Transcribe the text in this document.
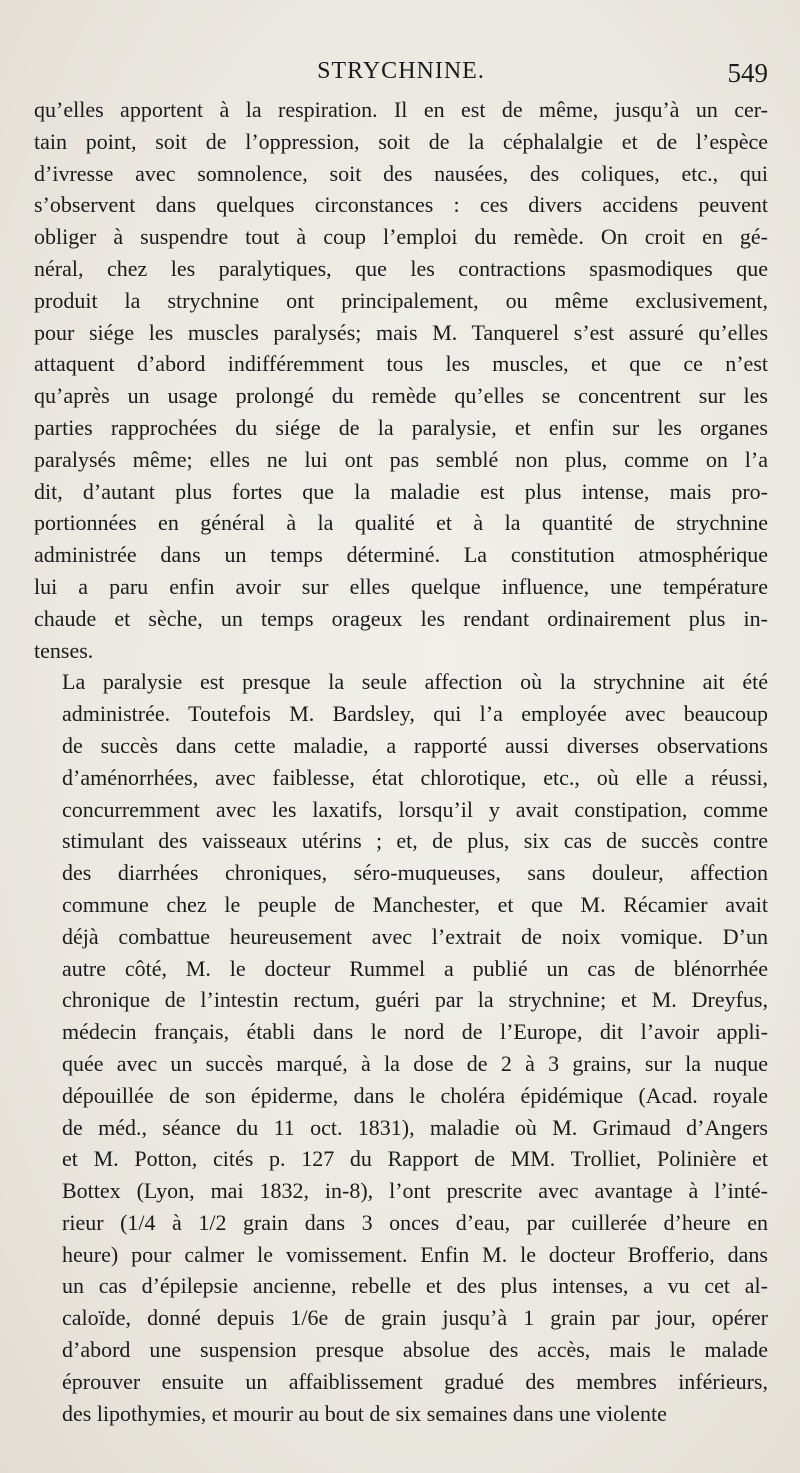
STRYCHNINE.	549

qu’elles apportent à la respiration. Il en est de même, jusqu’à un cer-
tain point, soit de l’oppression, soit de la céphalalgie et de l’espèce
d’ivresse avec somnolence, soit des nausées, des coliques, etc., qui
s’observent dans quelques circonstances : ces divers accidens peuvent
obliger à suspendre tout à coup l’emploi du remède. On croit en gé-
néral, chez les paralytiques, que les contractions spasmodiques que
produit la strychnine ont principalement, ou même exclusivement,
pour siége les muscles paralysés; mais M. Tanquerel s’est assuré qu’elles
attaquent d’abord indifféremment tous les muscles, et que ce n’est
qu’après un usage prolongé du remède qu’elles se concentrent sur les
parties rapprochées du siége de la paralysie, et enfin sur les organes
paralysés même; elles ne lui ont pas semblé non plus, comme on l’a
dit, d’autant plus fortes que la maladie est plus intense, mais pro-
portionnées en général à la qualité et à la quantité de strychnine
administrée dans un temps déterminé. La constitution atmosphérique
lui a paru enfin avoir sur elles quelque influence, une température
chaude et sèche, un temps orageux les rendant ordinairement plus in-
tenses.

La paralysie est presque la seule affection où la strychnine ait été
administrée. Toutefois M. Bardsley, qui l’a employée avec beaucoup
de succès dans cette maladie, a rapporté aussi diverses observations
d’aménorrhées, avec faiblesse, état chlorotique, etc., où elle a réussi,
concurremment avec les laxatifs, lorsqu’il y avait constipation, comme
stimulant des vaisseaux utérins ; et, de plus, six cas de succès contre
des diarrhées chroniques, séro-muqueuses, sans douleur, affection
commune chez le peuple de Manchester, et que M. Récamier avait
déjà combattue heureusement avec l’extrait de noix vomique. D’un
autre côté, M. le docteur Rummel a publié un cas de blénorrhée
chronique de l’intestin rectum, guéri par la strychnine; et M. Dreyfus,
médecin français, établi dans le nord de l’Europe, dit l’avoir appli-
quée avec un succès marqué, à la dose de 2 à 3 grains, sur la nuque
dépouillée de son épiderme, dans le choléra épidémique (Acad. royale
de méd., séance du 11 oct. 1831), maladie où M. Grimaud d’Angers
et M. Potton, cités p. 127 du Rapport de MM. Trolliet, Polinière et
Bottex (Lyon, mai 1832, in-8), l’ont prescrite avec avantage à l’inté-
rieur (1/4 à 1/2 grain dans 3 onces d’eau, par cuillerée d’heure en
heure) pour calmer le vomissement. Enfin M. le docteur Brofferio, dans
un cas d’épilepsie ancienne, rebelle et des plus intenses, a vu cet al-
caloïde, donné depuis 1/6e de grain jusqu’à 1 grain par jour, opérer
d’abord une suspension presque absolue des accès, mais le malade
éprouver ensuite un affaiblissement gradué des membres inférieurs,
des lipothymies, et mourir au bout de six semaines dans une violente
